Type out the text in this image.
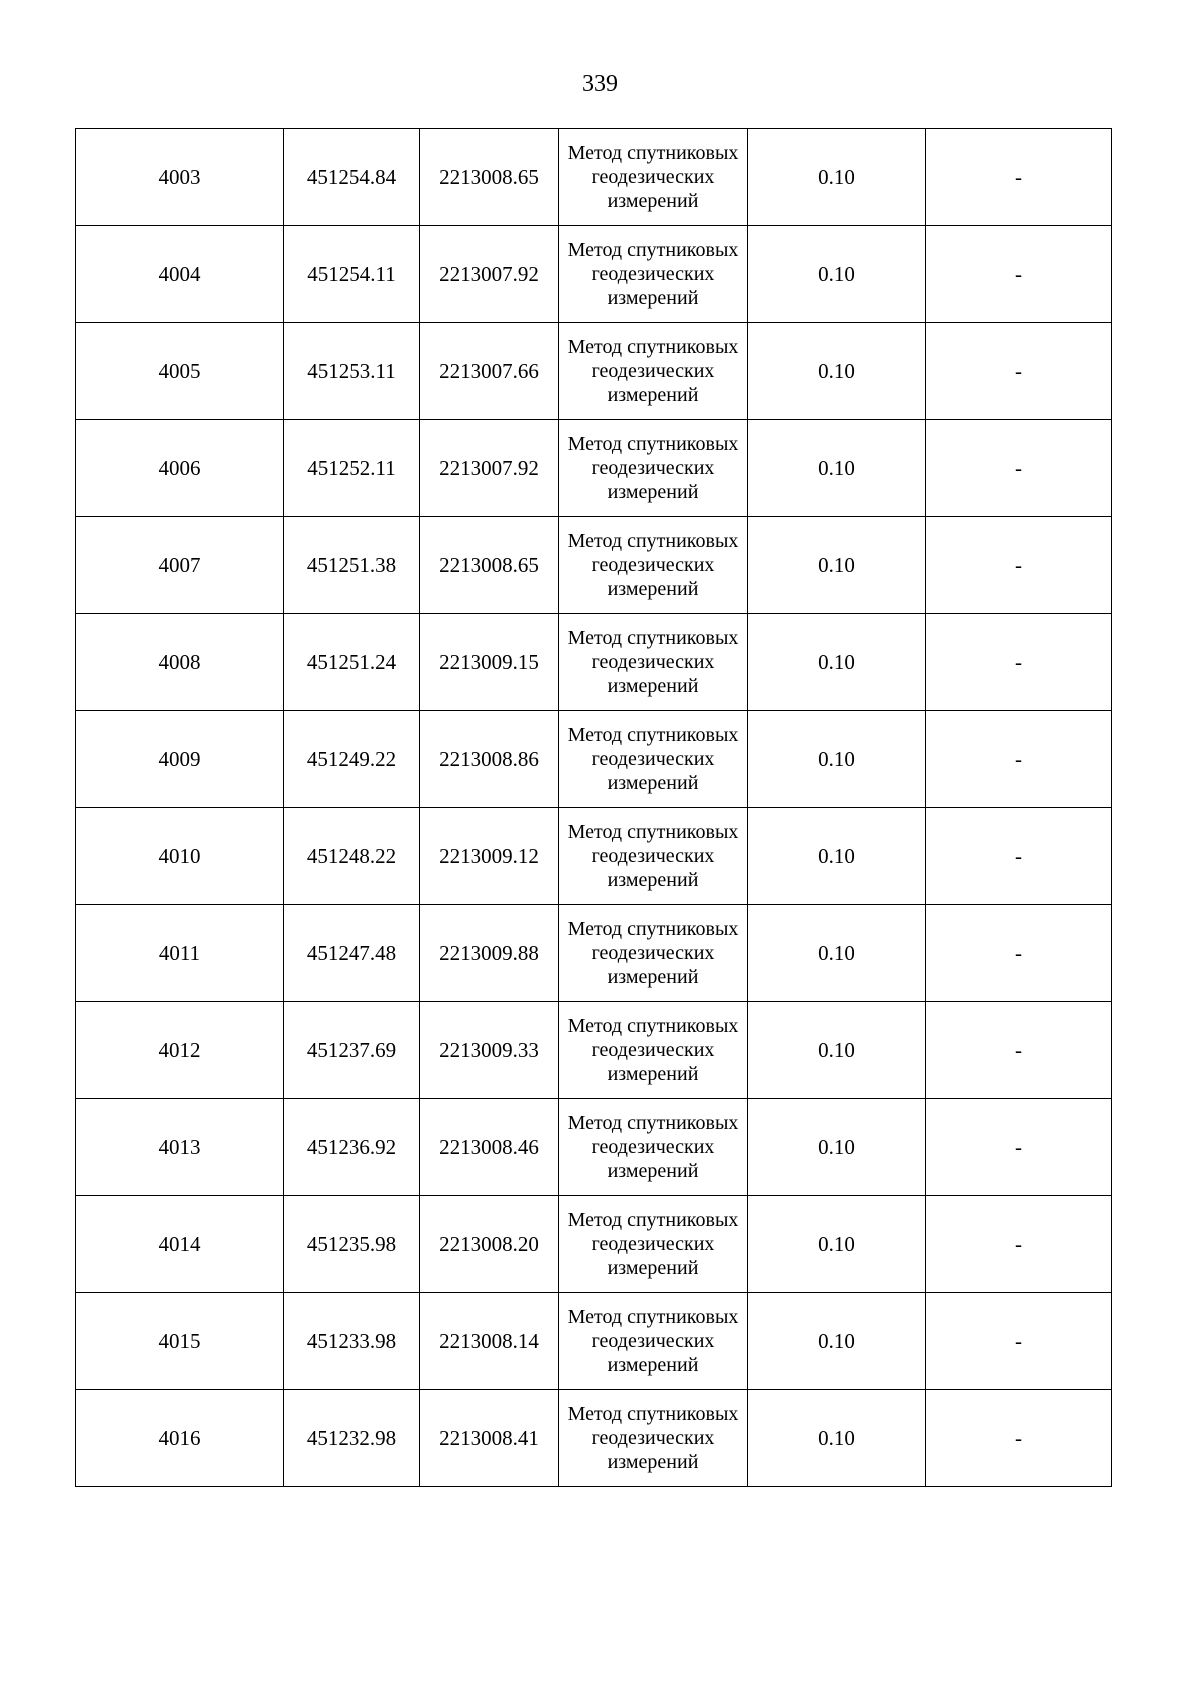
339
4003	451254.84	2213008.65	Метод спутниковых геодезических измерений	0.10	-
4004	451254.11	2213007.92	Метод спутниковых геодезических измерений	0.10	-
4005	451253.11	2213007.66	Метод спутниковых геодезических измерений	0.10	-
4006	451252.11	2213007.92	Метод спутниковых геодезических измерений	0.10	-
4007	451251.38	2213008.65	Метод спутниковых геодезических измерений	0.10	-
4008	451251.24	2213009.15	Метод спутниковых геодезических измерений	0.10	-
4009	451249.22	2213008.86	Метод спутниковых геодезических измерений	0.10	-
4010	451248.22	2213009.12	Метод спутниковых геодезических измерений	0.10	-
4011	451247.48	2213009.88	Метод спутниковых геодезических измерений	0.10	-
4012	451237.69	2213009.33	Метод спутниковых геодезических измерений	0.10	-
4013	451236.92	2213008.46	Метод спутниковых геодезических измерений	0.10	-
4014	451235.98	2213008.20	Метод спутниковых геодезических измерений	0.10	-
4015	451233.98	2213008.14	Метод спутниковых геодезических измерений	0.10	-
4016	451232.98	2213008.41	Метод спутниковых геодезических измерений	0.10	-
